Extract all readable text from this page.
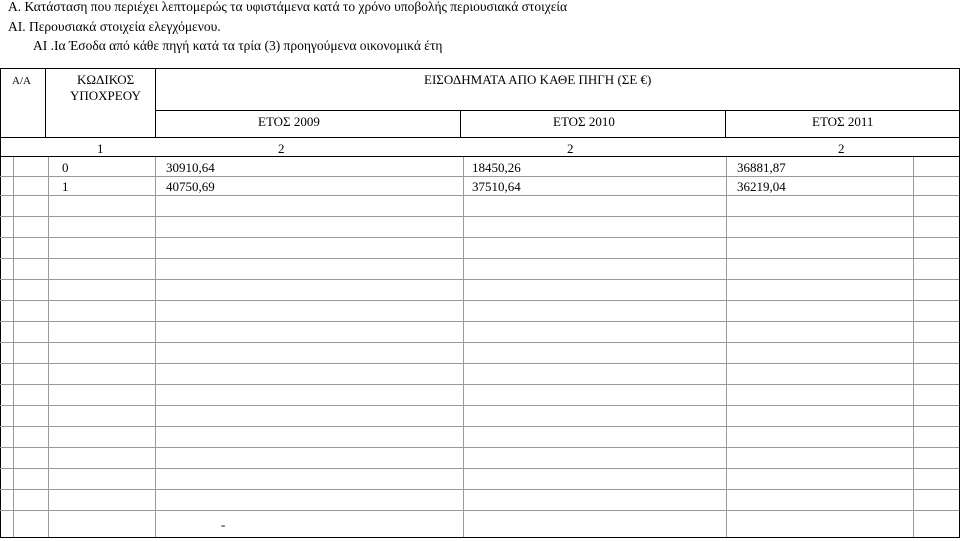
Α. Κατάσταση που περιέχει λεπτομερώς τα υφιστάμενα κατά το χρόνο υποβολής περιουσιακά στοιχεία
ΑΙ. Περουσιακά στοιχεία ελεγχόμενου.
ΑΙ .Ια Έσοδα από κάθε πηγή κατά τα τρία (3) προηγούμενα οικονομικά έτη
Α/Α	ΚΩΔΙΚΟΣ
ΥΠΟΧΡΕΟΥ
ΕΙΣΟΔΗΜΑΤΑ ΑΠΟ ΚΑΘΕ ΠΗΓΗ (ΣΕ €)
ΕΤΟΣ 2009	ΕΤΟΣ 2010	ΕΤΟΣ 2011
1	2	2	2
0	30910,64	18450,26	36881,87
1	40750,69	37510,64	36219,04
-
